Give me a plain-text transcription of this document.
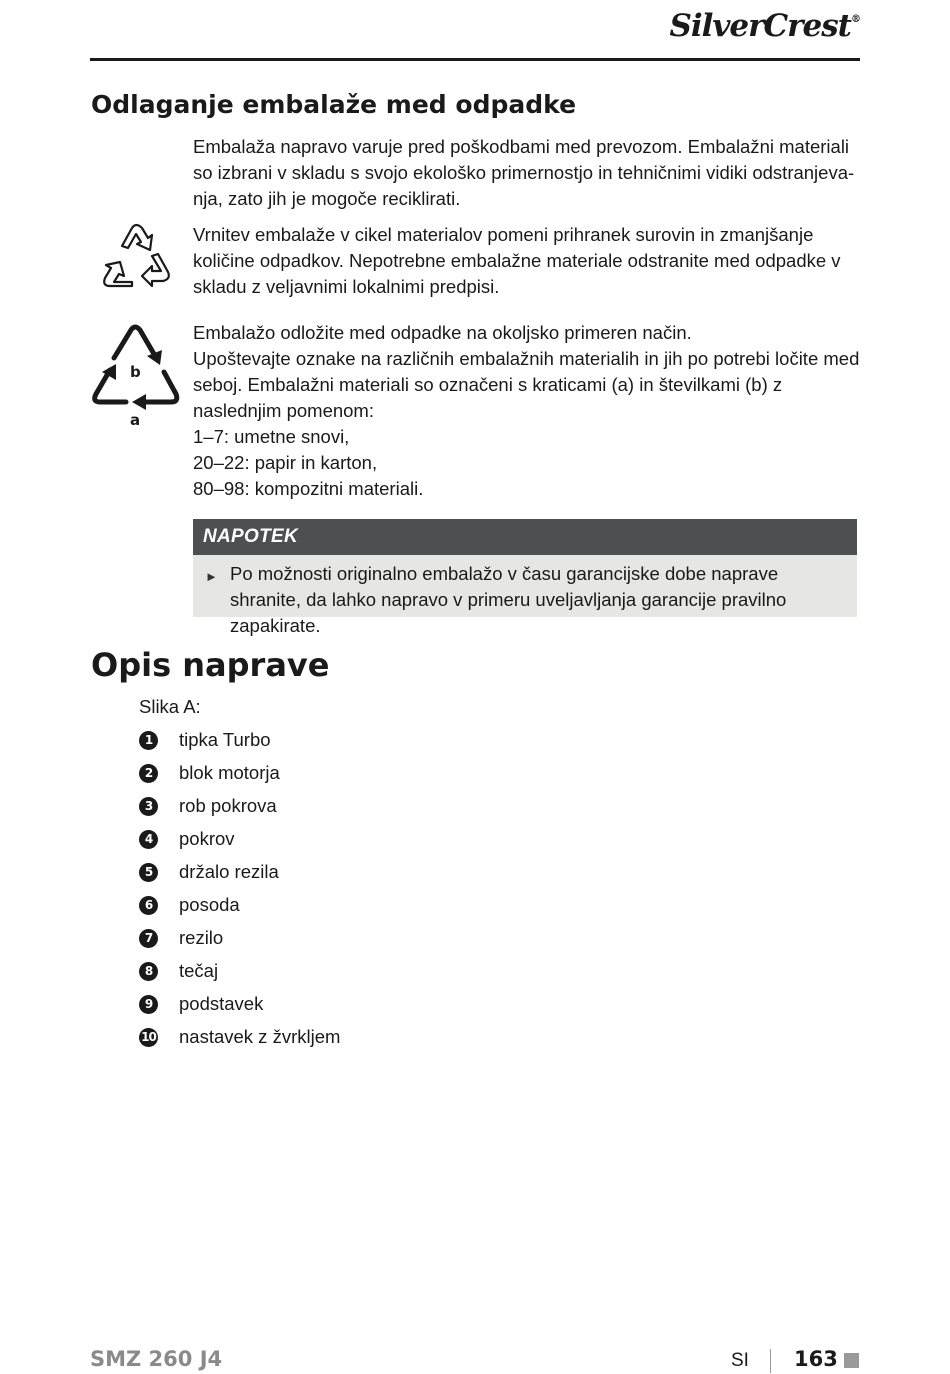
SilverCrest®
Odlaganje embalaže med odpadke

Embalaža napravo varuje pred poškodbami med prevozom. Embalažni materiali so izbrani v skladu s svojo ekološko primernostjo in tehničnimi vidiki odstranjeva-nja, zato jih je mogoče reciklirati.

Vrnitev embalaže v cikel materialov pomeni prihranek surovin in zmanjšanje količine odpadkov. Nepotrebne embalažne materiale odstranite med odpadke v skladu z veljavnimi lokalnimi predpisi.

b
a
Embalažo odložite med odpadke na okoljsko primeren način.
Upoštevajte oznake na različnih embalažnih materialih in jih po potrebi ločite med seboj. Embalažni materiali so označeni s kraticami (a) in številkami (b) z naslednjim pomenom:
1–7: umetne snovi,
20–22: papir in karton,
80–98: kompozitni materiali.
NAPOTEK
► Po možnosti originalno embalažo v času garancijske dobe naprave shranite, da lahko napravo v primeru uveljavljanja garancije pravilno zapakirate.
Opis naprave
Slika A:
1	tipka Turbo
2	blok motorja
3	rob pokrova
4	pokrov
5	držalo rezila
6	posoda
7	rezilo
8	tečaj
9	podstavek
10 nastavek z žvrkljem
SMZ 260 J4	SI 163
